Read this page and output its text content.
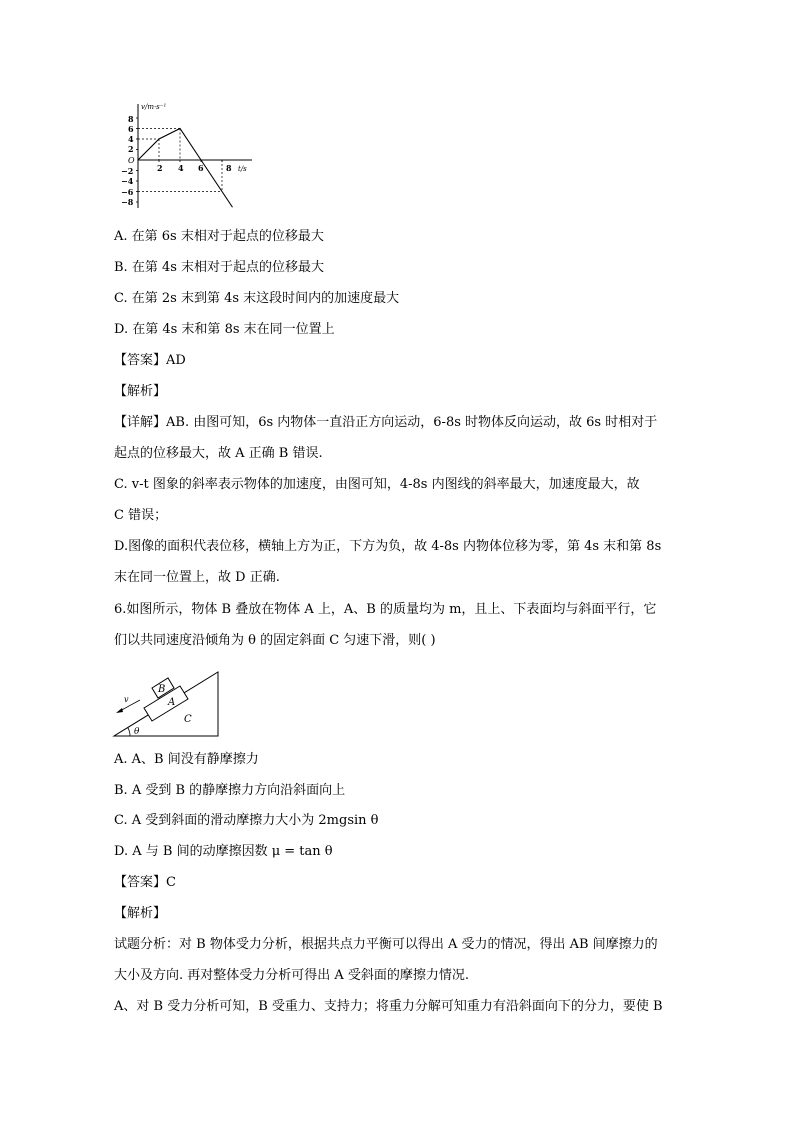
v/m·s⁻¹
t/s
O
8
6
4
2
−2
−4
−6
−8
2 4 6	8
A. 在第 6s 末相对于起点的位移最大
B. 在第 4s 末相对于起点的位移最大
C. 在第 2s 末到第 4s 末这段时间内的加速度最大
D. 在第 4s 末和第 8s 末在同一位置上
【答案】AD
【解析】
【详解】AB. 由图可知，6s 内物体一直沿正方向运动，6-8s 时物体反向运动，故 6s 时相对于
起点的位移最大，故 A 正确 B 错误.
C. v-t 图象的斜率表示物体的加速度，由图可知，4-8s 内图线的斜率最大，加速度最大，故
C 错误；
D.图像的面积代表位移，横轴上方为正，下方为负，故 4-8s 内物体位移为零，第 4s 末和第 8s
末在同一位置上，故 D 正确.
6.如图所示，物体 B 叠放在物体 A 上，A、B 的质量均为 m，且上、下表面均与斜面平行，它
们以共同速度沿倾角为 θ 的固定斜面 C 匀速下滑，则( )
B
A
C
v
θ
A. A、B 间没有静摩擦力
B. A 受到 B 的静摩擦力方向沿斜面向上
C. A 受到斜面的滑动摩擦力大小为 2mgsin θ
D. A 与 B 间的动摩擦因数 μ = tan θ
【答案】C
【解析】
试题分析：对 B 物体受力分析，根据共点力平衡可以得出 A 受力的情况，得出 AB 间摩擦力的
大小及方向. 再对整体受力分析可得出 A 受斜面的摩擦力情况.
A、对 B 受力分析可知，B 受重力、支持力；将重力分解可知重力有沿斜面向下的分力，要使 B
